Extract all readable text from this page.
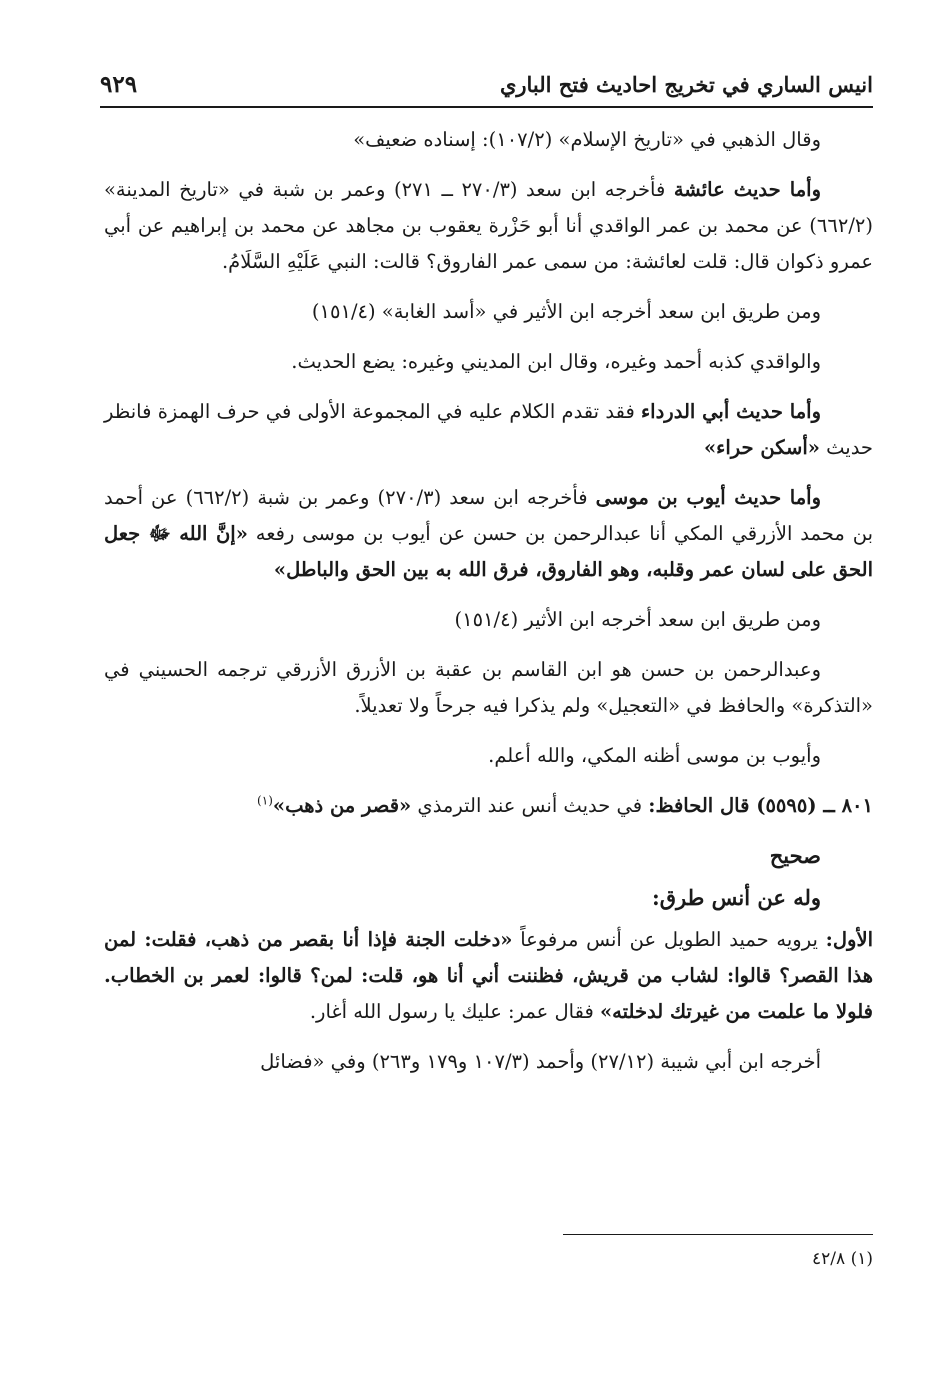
انيس الساري في تخريج احاديث فتح الباري
٩٢٩

وقال الذهبي في «تاريخ الإسلام» (١٠٧/٢): إسناده ضعيف»

وأما حديث عائشة فأخرجه ابن سعد (٢٧٠/٣ ــ ٢٧١) وعمر بن شبة في «تاريخ المدينة» (٦٦٢/٢) عن محمد بن عمر الواقدي أنا أبو حَزْرة يعقوب بن مجاهد عن محمد بن إبراهيم عن أبي عمرو ذكوان قال: قلت لعائشة: من سمى عمر الفاروق؟ قالت: النبي عَلَيْهِ السَّلَامُ.

ومن طريق ابن سعد أخرجه ابن الأثير في «أسد الغابة» (١٥١/٤)

والواقدي كذبه أحمد وغيره، وقال ابن المديني وغيره: يضع الحديث.

وأما حديث أبي الدرداء فقد تقدم الكلام عليه في المجموعة الأولى في حرف الهمزة فانظر حديث «أسكن حراء»

وأما حديث أيوب بن موسى فأخرجه ابن سعد (٢٧٠/٣) وعمر بن شبة (٦٦٢/٢) عن أحمد بن محمد الأزرقي المكي أنا عبدالرحمن بن حسن عن أيوب بن موسى رفعه «إنَّ الله ﷻ جعل الحق على لسان عمر وقلبه، وهو الفاروق، فرق الله به بين الحق والباطل»

ومن طريق ابن سعد أخرجه ابن الأثير (١٥١/٤)

وعبدالرحمن بن حسن هو ابن القاسم بن عقبة بن الأزرق الأزرقي ترجمه الحسيني في «التذكرة» والحافظ في «التعجيل» ولم يذكرا فيه جرحاً ولا تعديلاً.

وأيوب بن موسى أظنه المكي، والله أعلم.

٨٠١ ــ (٥٥٩٥) قال الحافظ: في حديث أنس عند الترمذي «قصر من ذهب»$^{(١)}$

صحيح

وله عن أنس طرق:

الأول: يرويه حميد الطويل عن أنس مرفوعاً «دخلت الجنة فإذا أنا بقصر من ذهب، فقلت: لمن هذا القصر؟ قالوا: لشاب من قريش، فظننت أني أنا هو، قلت: لمن؟ قالوا: لعمر بن الخطاب. فلولا ما علمت من غيرتك لدخلته» فقال عمر: عليك يا رسول الله أغار.

أخرجه ابن أبي شيبة (٢٧/١٢) وأحمد (١٠٧/٣ و١٧٩ و٢٦٣) وفي «فضائل

(١) ٤٢/٨
